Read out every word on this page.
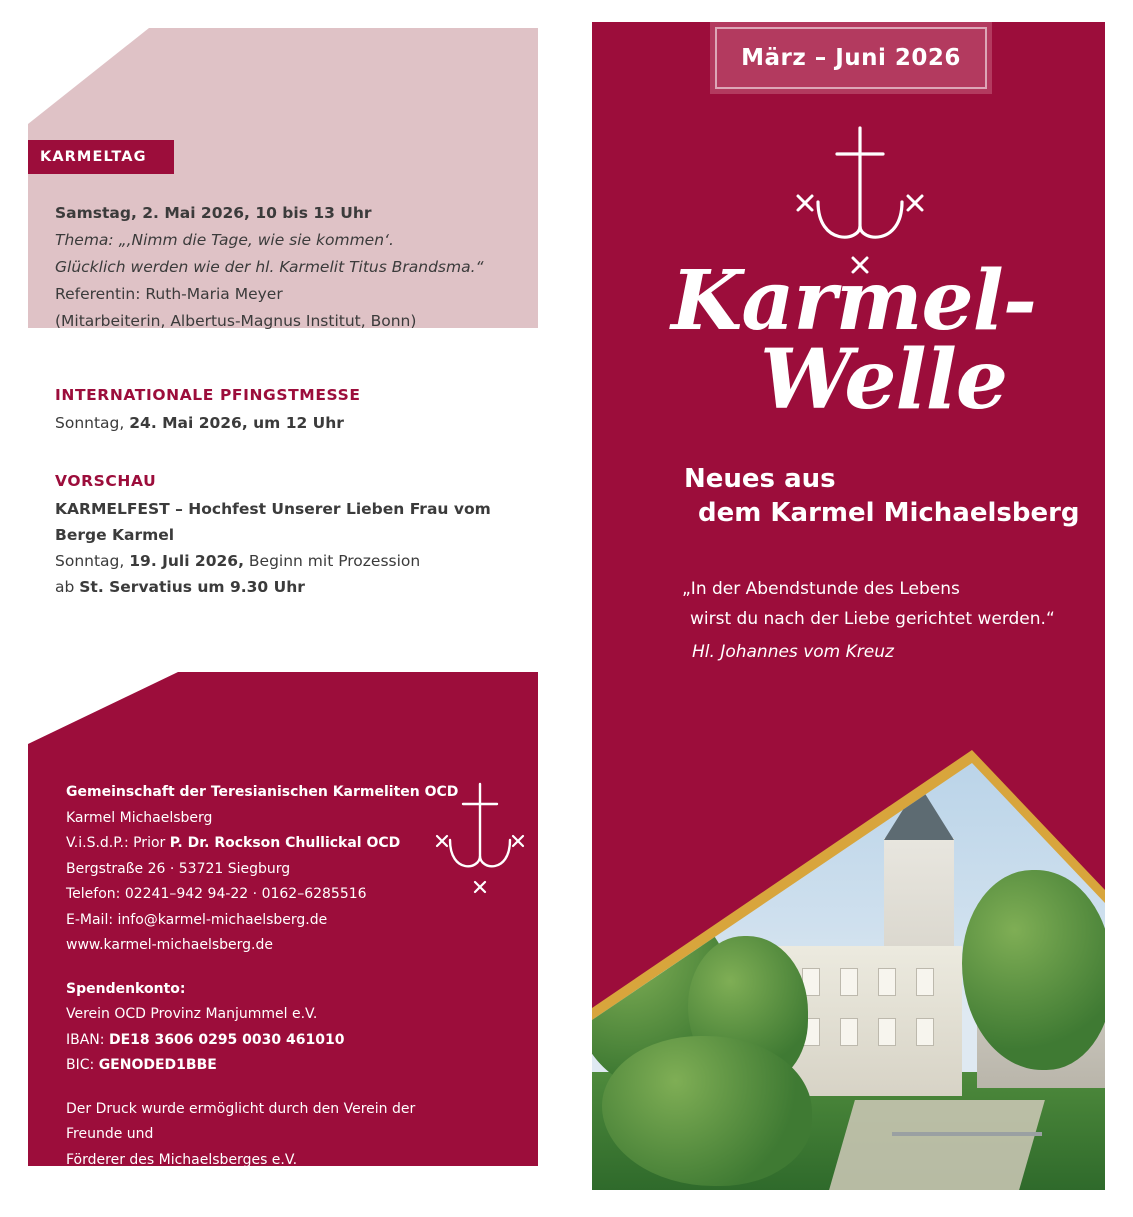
KARMELTAG
Samstag, 2. Mai 2026, 10 bis 13 Uhr
Thema: „‚Nimm die Tage, wie sie kommen‘.
Glücklich werden wie der hl. Karmelit Titus Brandsma.“
Referentin: Ruth-Maria Meyer
(Mitarbeiterin, Albertus-Magnus Institut, Bonn)
INTERNATIONALE PFINGSTMESSE
Sonntag, 24. Mai 2026, um 12 Uhr
VORSCHAU
KARMELFEST – Hochfest Unserer Lieben Frau vom
Berge Karmel
Sonntag, 19. Juli 2026, Beginn mit Prozession
ab St. Servatius um 9.30 Uhr
Gemeinschaft der Teresianischen Karmeliten OCD
Karmel Michaelsberg
V.i.S.d.P.: Prior P. Dr. Rockson Chullickal OCD
Bergstraße 26 · 53721 Siegburg
Telefon: 02241–942 94-22 · 0162–6285516
E-Mail: info@karmel-michaelsberg.de
www.karmel-michaelsberg.de
Spendenkonto:
Verein OCD Provinz Manjummel e.V.
IBAN: DE18 3606 0295 0030 461010
BIC: GENODED1BBE
Der Druck wurde ermöglicht durch den Verein der Freunde und
Förderer des Michaelsberges e.V.
www.foerderverein-michaelsberg.de
März – Juni 2026
Karmel-
Welle
Neues aus
dem Karmel Michaelsberg
„In der Abendstunde des Lebens
wirst du nach der Liebe gerichtet werden.“
Hl. Johannes vom Kreuz
